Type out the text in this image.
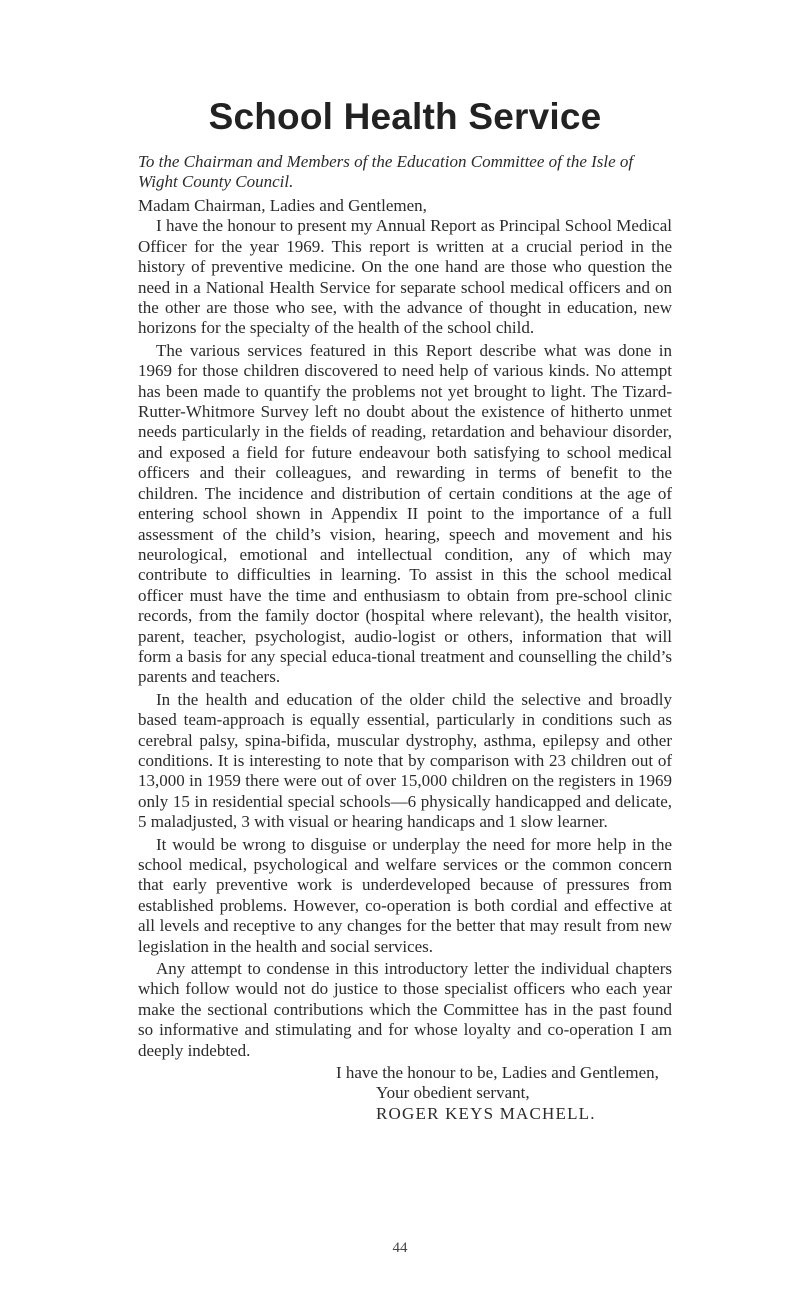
School Health Service

To the Chairman and Members of the Education Committee of the Isle of Wight County Council.

Madam Chairman, Ladies and Gentlemen,

I have the honour to present my Annual Report as Principal School Medical Officer for the year 1969. This report is written at a crucial period in the history of preventive medicine. On the one hand are those who question the need in a National Health Service for separate school medical officers and on the other are those who see, with the advance of thought in education, new horizons for the specialty of the health of the school child.

The various services featured in this Report describe what was done in 1969 for those children discovered to need help of various kinds. No attempt has been made to quantify the problems not yet brought to light. The Tizard-Rutter-Whitmore Survey left no doubt about the existence of hitherto unmet needs particularly in the fields of reading, retardation and behaviour disorder, and exposed a field for future endeavour both satisfying to school medical officers and their colleagues, and rewarding in terms of benefit to the children. The incidence and distribution of certain conditions at the age of entering school shown in Appendix II point to the importance of a full assessment of the child’s vision, hearing, speech and movement and his neurological, emotional and intellectual condition, any of which may contribute to difficulties in learning. To assist in this the school medical officer must have the time and enthusiasm to obtain from pre-school clinic records, from the family doctor (hospital where relevant), the health visitor, parent, teacher, psychologist, audio-logist or others, information that will form a basis for any special educa-tional treatment and counselling the child’s parents and teachers.

In the health and education of the older child the selective and broadly based team-approach is equally essential, particularly in conditions such as cerebral palsy, spina-bifida, muscular dystrophy, asthma, epilepsy and other conditions. It is interesting to note that by comparison with 23 children out of 13,000 in 1959 there were out of over 15,000 children on the registers in 1969 only 15 in residential special schools—6 physically handicapped and delicate, 5 maladjusted, 3 with visual or hearing handicaps and 1 slow learner.

It would be wrong to disguise or underplay the need for more help in the school medical, psychological and welfare services or the common concern that early preventive work is underdeveloped because of pressures from established problems. However, co-operation is both cordial and effective at all levels and receptive to any changes for the better that may result from new legislation in the health and social services.

Any attempt to condense in this introductory letter the individual chapters which follow would not do justice to those specialist officers who each year make the sectional contributions which the Committee has in the past found so informative and stimulating and for whose loyalty and co-operation I am deeply indebted.

I have the honour to be, Ladies and Gentlemen,

Your obedient servant,

ROGER KEYS MACHELL.
44
